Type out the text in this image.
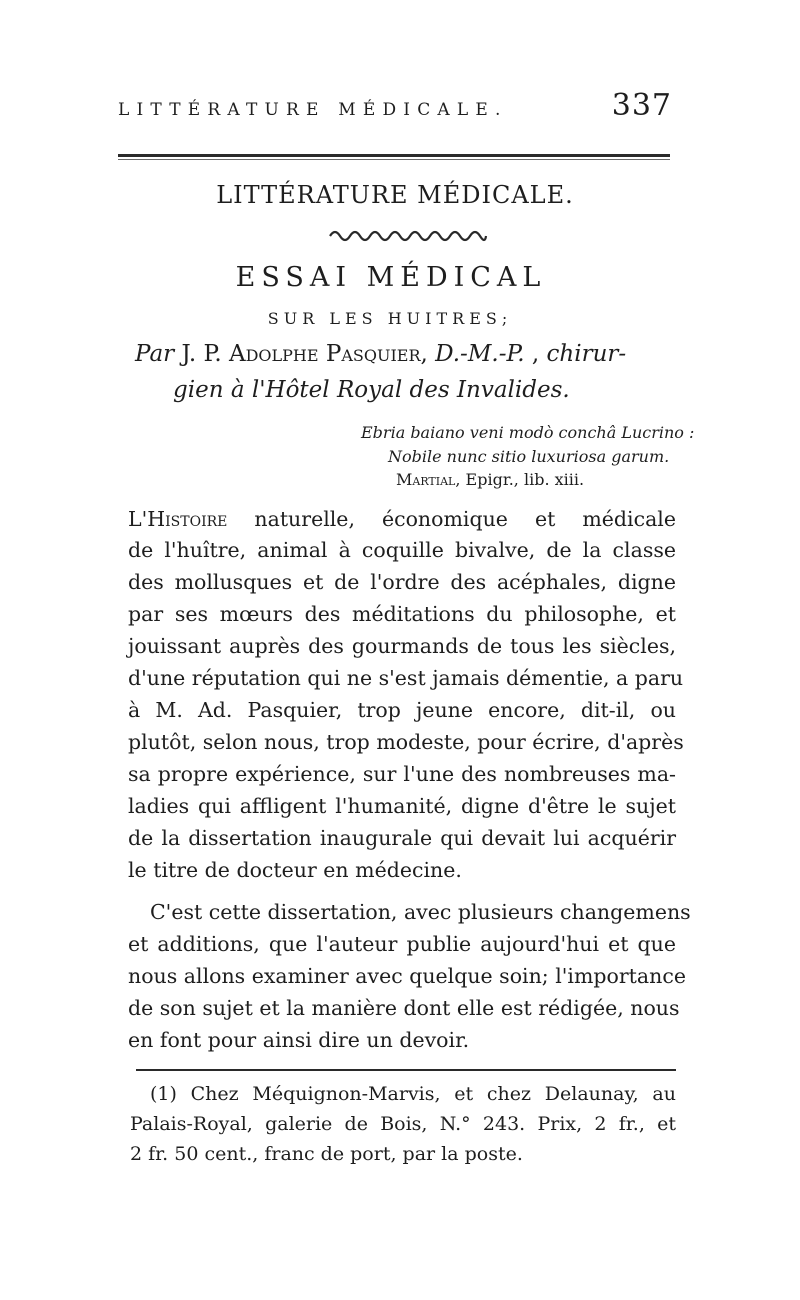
LITTÉRATURE MÉDICALE.	337
LITTÉRATURE MÉDICALE.
ESSAI MÉDICAL
SUR LES HUITRES;
Par J. P. Adolphe Pasquier, D.-M.-P. , chirur-
gien à l'Hôtel Royal des Invalides.
Ebria baiano veni modò conchâ Lucrino :
Nobile nunc sitio luxuriosa garum.
Martial, Epigr., lib. xiii.
L'Histoire naturelle, économique et médicale
de l'huître, animal à coquille bivalve, de la classe
des mollusques et de l'ordre des acéphales, digne
par ses mœurs des méditations du philosophe, et
jouissant auprès des gourmands de tous les siècles,
d'une réputation qui ne s'est jamais démentie, a paru
à M. Ad. Pasquier, trop jeune encore, dit-il, ou
plutôt, selon nous, trop modeste, pour écrire, d'après
sa propre expérience, sur l'une des nombreuses ma-
ladies qui affligent l'humanité, digne d'être le sujet
de la dissertation inaugurale qui devait lui acquérir
le titre de docteur en médecine.
C'est cette dissertation, avec plusieurs changemens
et additions, que l'auteur publie aujourd'hui et que
nous allons examiner avec quelque soin; l'importance
de son sujet et la manière dont elle est rédigée, nous
en font pour ainsi dire un devoir.
(1) Chez Méquignon-Marvis, et chez Delaunay, au
Palais-Royal, galerie de Bois, N.° 243. Prix, 2 fr., et
2 fr. 50 cent., franc de port, par la poste.
